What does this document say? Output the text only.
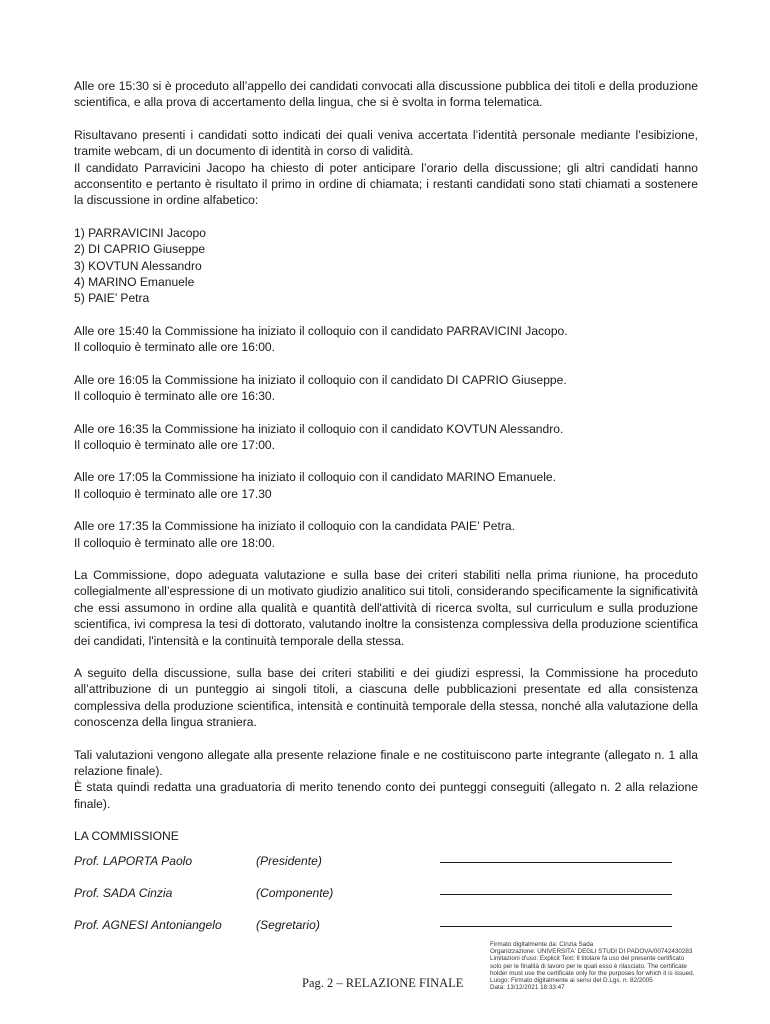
Alle ore 15:30 si è proceduto all’appello dei candidati convocati alla discussione pubblica dei titoli e della produzione scientifica, e alla prova di accertamento della lingua, che si è svolta in forma telematica.

Risultavano presenti i candidati sotto indicati dei quali veniva accertata l’identità personale mediante l’esibizione, tramite webcam, di un documento di identità in corso di validità.

Il candidato Parravicini Jacopo ha chiesto di poter anticipare l’orario della discussione; gli altri candidati hanno acconsentito e pertanto è risultato il primo in ordine di chiamata; i restanti candidati sono stati chiamati a sostenere la discussione in ordine alfabetico:

1) PARRAVICINI Jacopo
2) DI CAPRIO Giuseppe
3) KOVTUN Alessandro
4) MARINO Emanuele
5) PAIE’ Petra
Alle ore 15:40 la Commissione ha iniziato il colloquio con il candidato PARRAVICINI Jacopo.
Il colloquio è terminato alle ore 16:00.
Alle ore 16:05 la Commissione ha iniziato il colloquio con il candidato DI CAPRIO Giuseppe.
Il colloquio è terminato alle ore 16:30.
Alle ore 16:35 la Commissione ha iniziato il colloquio con il candidato KOVTUN Alessandro.
Il colloquio è terminato alle ore 17:00.
Alle ore 17:05 la Commissione ha iniziato il colloquio con il candidato MARINO Emanuele.
Il colloquio è terminato alle ore 17.30
Alle ore 17:35 la Commissione ha iniziato il colloquio con la candidata PAIE’ Petra.
Il colloquio è terminato alle ore 18:00.

La Commissione, dopo adeguata valutazione e sulla base dei criteri stabiliti nella prima riunione, ha proceduto collegialmente all’espressione di un motivato giudizio analitico sui titoli, considerando specificamente la significatività che essi assumono in ordine alla qualità e quantità dell'attività di ricerca svolta, sul curriculum e sulla produzione scientifica, ivi compresa la tesi di dottorato, valutando inoltre la consistenza complessiva della produzione scientifica dei candidati, l'intensità e la continuità temporale della stessa.

A seguito della discussione, sulla base dei criteri stabiliti e dei giudizi espressi, la Commissione ha proceduto all’attribuzione di un punteggio ai singoli titoli, a ciascuna delle pubblicazioni presentate ed alla consistenza complessiva della produzione scientifica, intensità e continuità temporale della stessa, nonché alla valutazione della conoscenza della lingua straniera.

Tali valutazioni vengono allegate alla presente relazione finale e ne costituiscono parte integrante (allegato n. 1 alla relazione finale).

È stata quindi redatta una graduatoria di merito tenendo conto dei punteggi conseguiti (allegato n. 2 alla relazione finale).

LA COMMISSIONE
Prof. LAPORTA Paolo	(Presidente)
Prof. SADA Cinzia	(Componente)
Prof. AGNESI Antoniangelo	(Segretario)
Pag. 2 – RELAZIONE FINALE
Firmato digitalmente da: Cinzia Sada
Organizzazione: UNIVERSITA' DEGLI STUDI DI PADOVA/00742430283
Limitazioni d'uso: Explicit Text: Il titolare fa uso del presente certificato
solo per le finalità di lavoro per le quali esso è rilasciato. The certificate
holder must use the certificate only for the purposes for which it is issued.
Luogo: Firmato digitalmente ai sensi del D.Lgs. n. 82/2005
Data: 13/12/2021 18:33:47
